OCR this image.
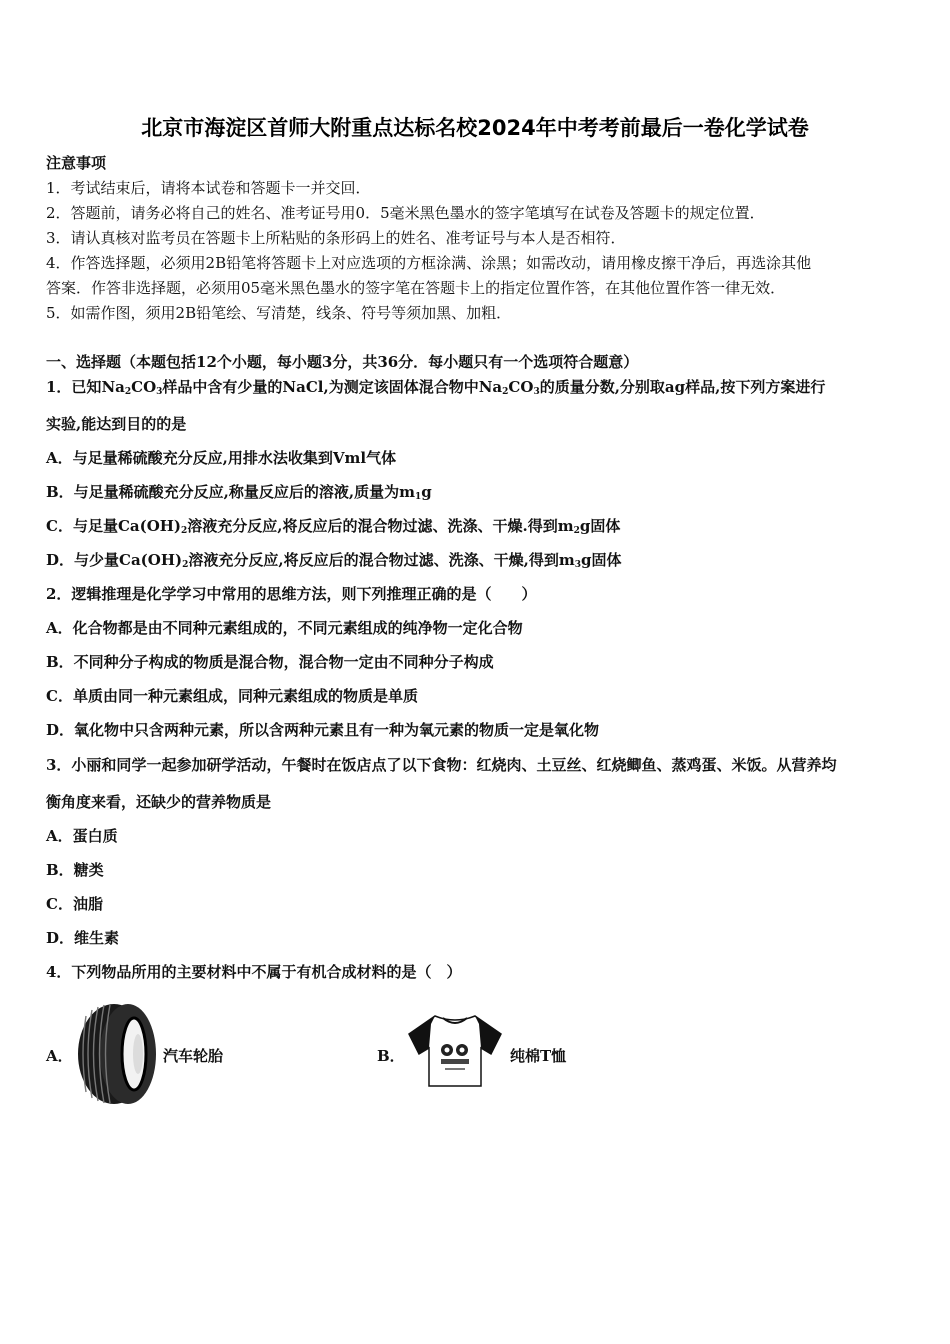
北京市海淀区首师大附重点达标名校2024年中考考前最后一卷化学试卷
注意事项
1．考试结束后，请将本试卷和答题卡一并交回．
2．答题前，请务必将自己的姓名、准考证号用0．5毫米黑色墨水的签字笔填写在试卷及答题卡的规定位置．
3．请认真核对监考员在答题卡上所粘贴的条形码上的姓名、准考证号与本人是否相符．
4．作答选择题，必须用2B铅笔将答题卡上对应选项的方框涂满、涂黑；如需改动，请用橡皮擦干净后，再选涂其他
答案．作答非选择题，必须用05毫米黑色墨水的签字笔在答题卡上的指定位置作答，在其他位置作答一律无效．
5．如需作图，须用2B铅笔绘、写清楚，线条、符号等须加黑、加粗．
一、选择题（本题包括12个小题，每小题3分，共36分．每小题只有一个选项符合题意）
1．已知$Na_2CO_3$样品中含有少量的NaCl,为测定该固体混合物中$Na_2CO_3$的质量分数,分别取ag样品,按下列方案进行
实验,能达到目的的是
A．与足量稀硫酸充分反应,用排水法收集到Vml气体
B．与足量稀硫酸充分反应,称量反应后的溶液,质量为$m_1g$
C．与足量$Ca(OH)_2$溶液充分反应,将反应后的混合物过滤、洗涤、干燥.得到$m_2g$固体
D．与少量$Ca(OH)_2$溶液充分反应,将反应后的混合物过滤、洗涤、干燥,得到$m_3g$固体
2．逻辑推理是化学学习中常用的思维方法，则下列推理正确的是（　　）
A．化合物都是由不同种元素组成的，不同元素组成的纯净物一定化合物
B．不同种分子构成的物质是混合物，混合物一定由不同种分子构成
C．单质由同一种元素组成，同种元素组成的物质是单质
D．氧化物中只含两种元素，所以含两种元素且有一种为氧元素的物质一定是氧化物
3．小丽和同学一起参加研学活动，午餐时在饭店点了以下食物：红烧肉、土豆丝、红烧鲫鱼、蒸鸡蛋、米饭。从营养均
衡角度来看，还缺少的营养物质是
A．蛋白质
B．糖类
C．油脂
D．维生素
4．下列物品所用的主要材料中不属于有机合成材料的是（　）
A．	汽车轮胎	B．	纯棉T恤
